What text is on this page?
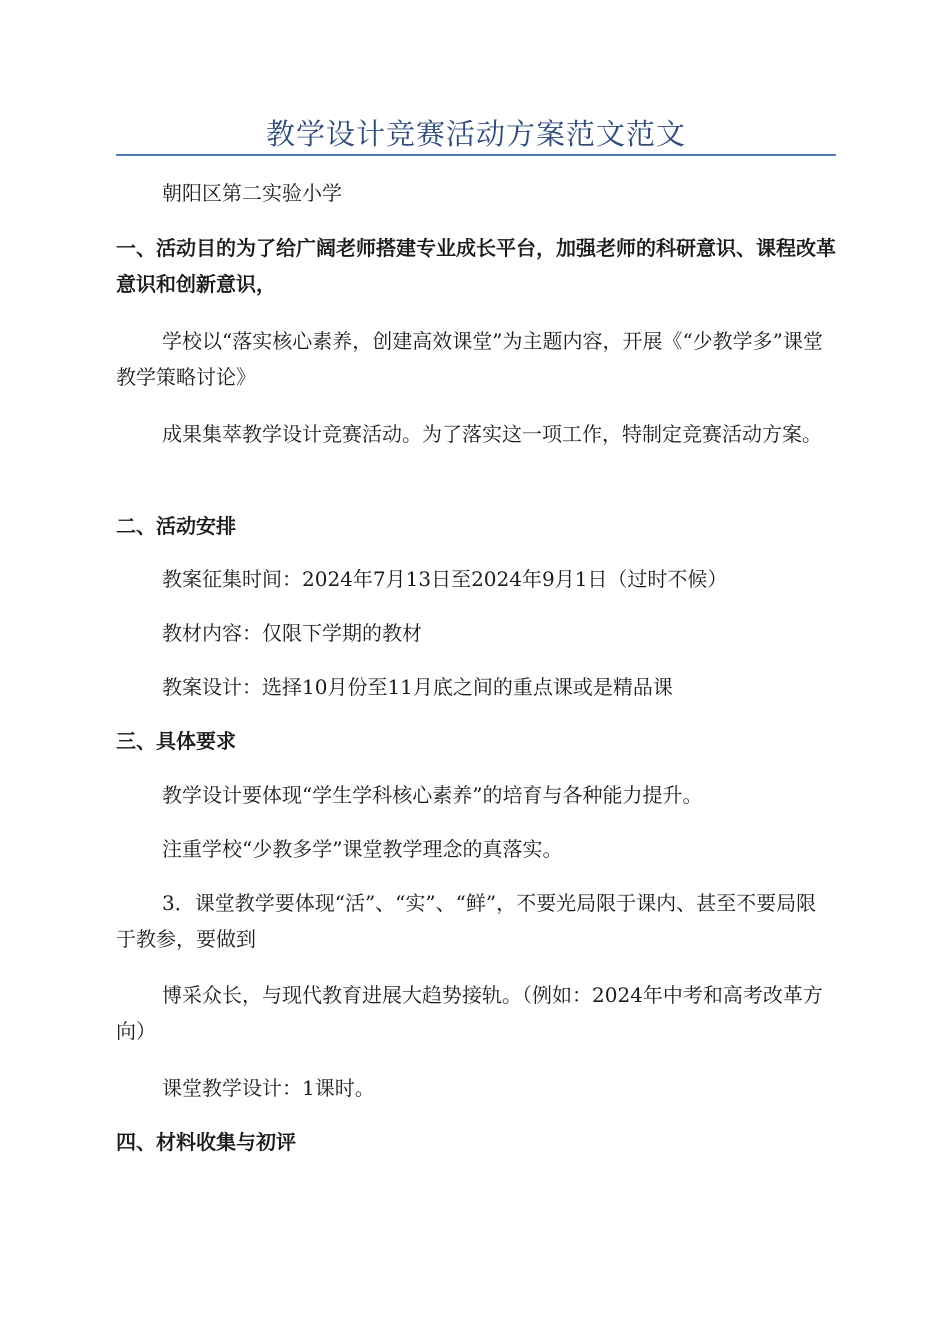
教学设计竞赛活动方案范文范文

朝阳区第二实验小学

一、活动目的为了给广阔老师搭建专业成长平台，加强老师的科研意识、课程改革意识和创新意识，

学校以“落实核心素养，创建高效课堂”为主题内容，开展《“少教学多”课堂教学策略讨论》

成果集萃教学设计竞赛活动。为了落实这一项工作，特制定竞赛活动方案。

二、活动安排

教案征集时间：2024年7月13日至2024年9月1日（过时不候）

教材内容：仅限下学期的教材

教案设计：选择10月份至11月底之间的重点课或是精品课

三、具体要求

教学设计要体现“学生学科核心素养”的培育与各种能力提升。

注重学校“少教多学”课堂教学理念的真落实。

3．课堂教学要体现“活”、“实”、“鲜”，不要光局限于课内、甚至不要局限于教参，要做到

博采众长，与现代教育进展大趋势接轨。（例如：2024年中考和高考改革方向）

课堂教学设计：1课时。

四、材料收集与初评
